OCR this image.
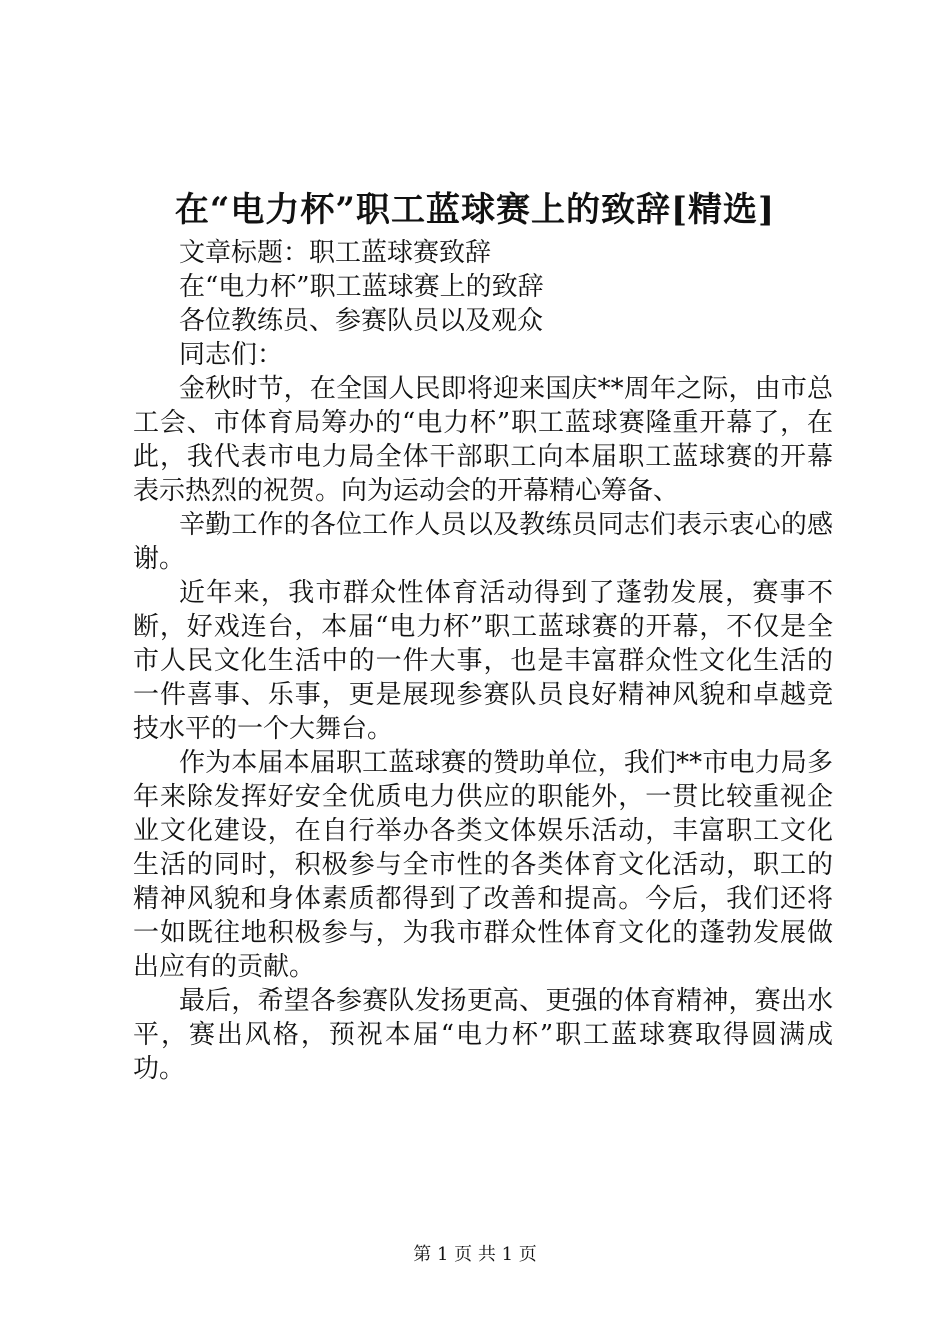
在“电力杯”职工蓝球赛上的致辞[精选]

文章标题：职工蓝球赛致辞

在“电力杯”职工蓝球赛上的致辞

各位教练员、参赛队员以及观众

同志们：

金秋时节，在全国人民即将迎来国庆**周年之际，由市总工会、市体育局筹办的“电力杯”职工蓝球赛隆重开幕了，在此，我代表市电力局全体干部职工向本届职工蓝球赛的开幕表示热烈的祝贺。向为运动会的开幕精心筹备、

辛勤工作的各位工作人员以及教练员同志们表示衷心的感谢。

近年来，我市群众性体育活动得到了蓬勃发展，赛事不断，好戏连台，本届“电力杯”职工蓝球赛的开幕，不仅是全市人民文化生活中的一件大事，也是丰富群众性文化生活的一件喜事、乐事，更是展现参赛队员良好精神风貌和卓越竞技水平的一个大舞台。

作为本届本届职工蓝球赛的赞助单位，我们**市电力局多年来除发挥好安全优质电力供应的职能外，一贯比较重视企业文化建设，在自行举办各类文体娱乐活动，丰富职工文化生活的同时，积极参与全市性的各类体育文化活动，职工的精神风貌和身体素质都得到了改善和提高。今后，我们还将一如既往地积极参与，为我市群众性体育文化的蓬勃发展做出应有的贡献。

最后，希望各参赛队发扬更高、更强的体育精神，赛出水平，赛出风格，预祝本届“电力杯”职工蓝球赛取得圆满成功。

第 1 页 共 1 页
